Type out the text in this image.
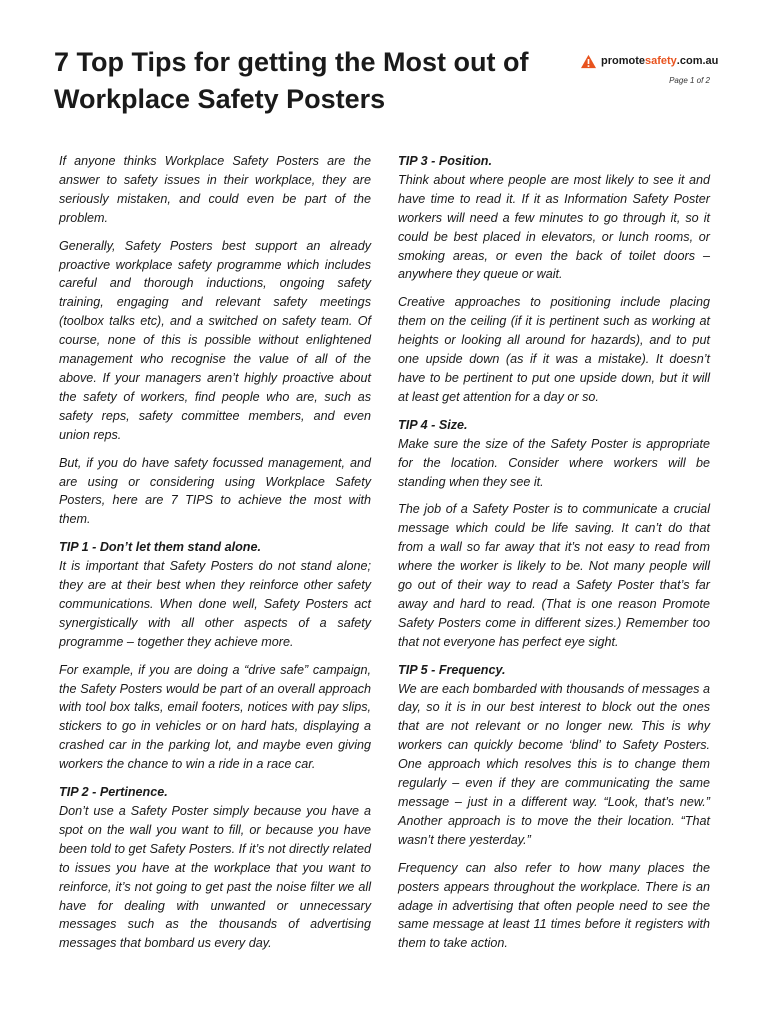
7 Top Tips for getting the Most out of Workplace Safety Posters
promote safety .com.au
Page 1 of 2

If anyone thinks Workplace Safety Posters are the answer to safety issues in their workplace, they are seriously mistaken, and could even be part of the problem.

Generally, Safety Posters best support an already proactive workplace safety programme which includes careful and thorough inductions, ongoing safety training, engaging and relevant safety meetings (toolbox talks etc), and a switched on safety team. Of course, none of this is possible without enlightened management who recognise the value of all of the above. If your managers aren’t highly proactive about the safety of workers, find people who are, such as safety reps, safety committee members, and even union reps.

But, if you do have safety focussed management, and are using or considering using Workplace Safety Posters, here are 7 TIPS to achieve the most with them.

TIP 1 - Don’t let them stand alone.

It is important that Safety Posters do not stand alone; they are at their best when they reinforce other safety communications. When done well, Safety Posters act synergistically with all other aspects of a safety programme – together they achieve more.

For example, if you are doing a “drive safe” campaign, the Safety Posters would be part of an overall approach with tool box talks, email footers, notices with pay slips, stickers to go in vehicles or on hard hats, displaying a crashed car in the parking lot, and maybe even giving workers the chance to win a ride in a race car.

TIP 2 - Pertinence.

Don’t use a Safety Poster simply because you have a spot on the wall you want to fill, or because you have been told to get Safety Posters. If it’s not directly related to issues you have at the workplace that you want to reinforce, it’s not going to get past the noise filter we all have for dealing with unwanted or unnecessary messages such as the thousands of advertising messages that bombard us every day.

TIP 3 - Position.

Think about where people are most likely to see it and have time to read it. If it as Information Safety Poster workers will need a few minutes to go through it, so it could be best placed in elevators, or lunch rooms, or smoking areas, or even the back of toilet doors – anywhere they queue or wait.

Creative approaches to positioning include placing them on the ceiling (if it is pertinent such as working at heights or looking all around for hazards), and to put one upside down (as if it was a mistake). It doesn’t have to be pertinent to put one upside down, but it will at least get attention for a day or so.

TIP 4 - Size.

Make sure the size of the Safety Poster is appropriate for the location. Consider where workers will be standing when they see it.

The job of a Safety Poster is to communicate a crucial message which could be life saving. It can’t do that from a wall so far away that it’s not easy to read from where the worker is likely to be. Not many people will go out of their way to read a Safety Poster that’s far away and hard to read. (That is one reason Promote Safety Posters come in different sizes.) Remember too that not everyone has perfect eye sight.

TIP 5 - Frequency.

We are each bombarded with thousands of messages a day, so it is in our best interest to block out the ones that are not relevant or no longer new. This is why workers can quickly become ‘blind’ to Safety Posters. One approach which resolves this is to change them regularly – even if they are communicating the same message – just in a different way. “Look, that’s new.” Another approach is to move the their location. “That wasn’t there yesterday.”

Frequency can also refer to how many places the posters appears throughout the workplace. There is an adage in advertising that often people need to see the same message at least 11 times before it registers with them to take action.
